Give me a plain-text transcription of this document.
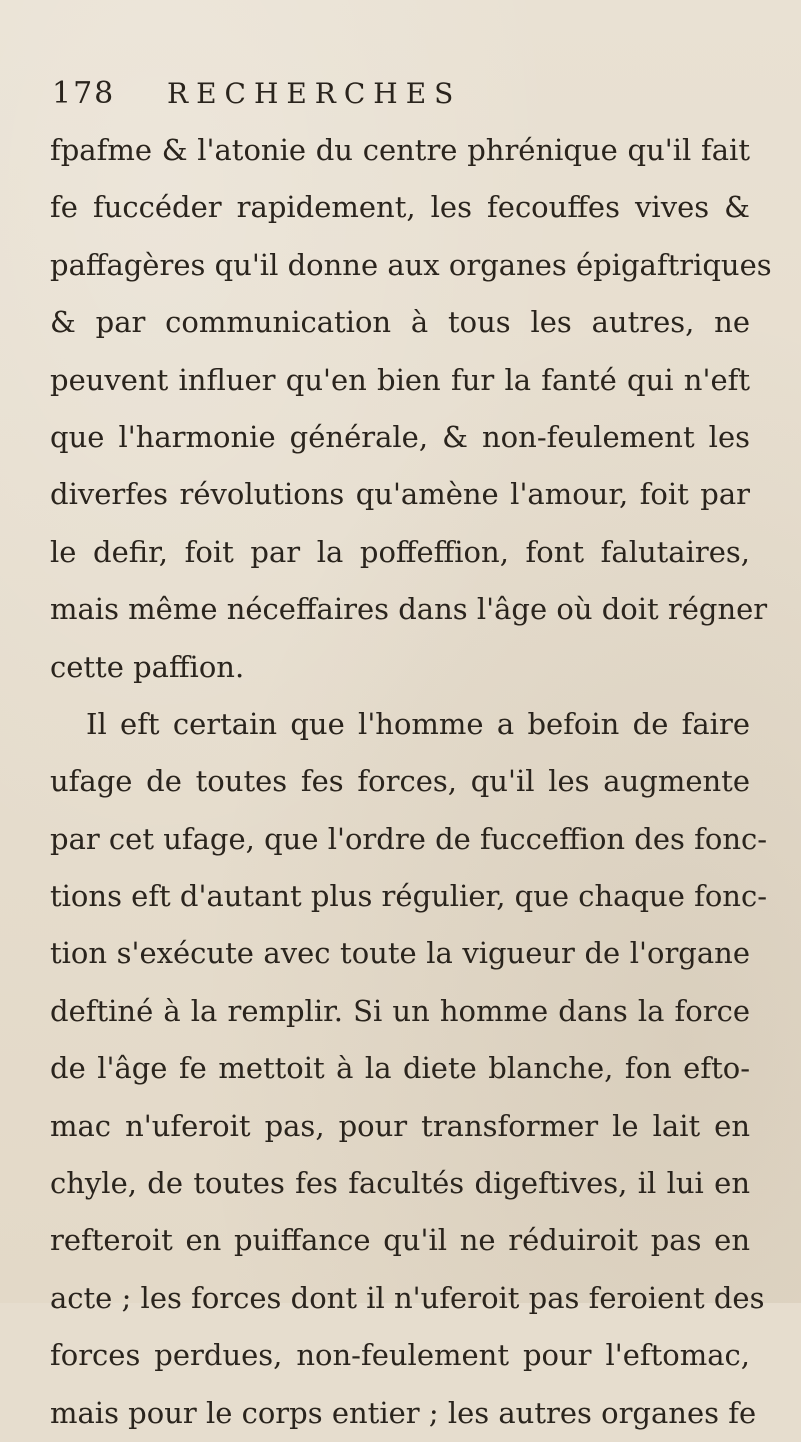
178	RECHERCHES
fpafme & l'atonie du centre phrénique qu'il fait
fe fuccéder rapidement, les fecouffes vives &
paffagères qu'il donne aux organes épigaftriques
& par communication à tous les autres, ne
peuvent influer qu'en bien fur la fanté qui n'eft
que l'harmonie générale, & non-feulement les
diverfes révolutions qu'amène l'amour, foit par
le defir, foit par la poffeffion, font falutaires,
mais même néceffaires dans l'âge où doit régner
cette paffion.
Il eft certain que l'homme a befoin de faire
ufage de toutes fes forces, qu'il les augmente
par cet ufage, que l'ordre de fucceffion des fonc-
tions eft d'autant plus régulier, que chaque fonc-
tion s'exécute avec toute la vigueur de l'organe
deftiné à la remplir. Si un homme dans la force
de l'âge fe mettoit à la diete blanche, fon efto-
mac n'uferoit pas, pour transformer le lait en
chyle, de toutes fes facultés digeftives, il lui en
refteroit en puiffance qu'il ne réduiroit pas en
acte ; les forces dont il n'uferoit pas feroient des
forces perdues, non-feulement pour l'eftomac,
mais pour le corps entier ; les autres organes fe
